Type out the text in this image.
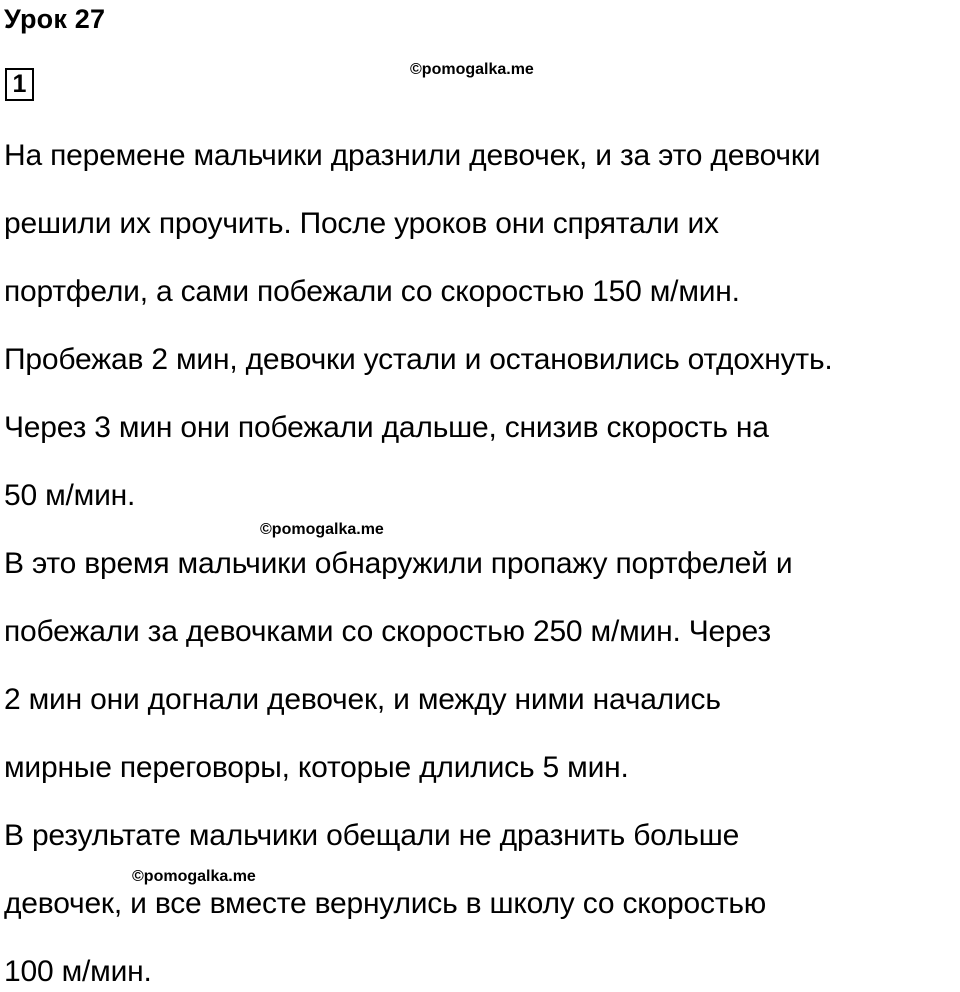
Урок 27
1
©pomogalka.me
©pomogalka.me
©pomogalka.me
На перемене мальчики дразнили девочек, и за это девочки
решили их проучить. После уроков они спрятали их
портфели, а сами побежали со скоростью 150 м/мин.
Пробежав 2 мин, девочки устали и остановились отдохнуть.
Через 3 мин они побежали дальше, снизив скорость на
50 м/мин.
В это время мальчики обнаружили пропажу портфелей и
побежали за девочками со скоростью 250 м/мин. Через
2 мин они догнали девочек, и между ними начались
мирные переговоры, которые длились 5 мин.
В результате мальчики обещали не дразнить больше
девочек, и все вместе вернулись в школу со скоростью
100 м/мин.
